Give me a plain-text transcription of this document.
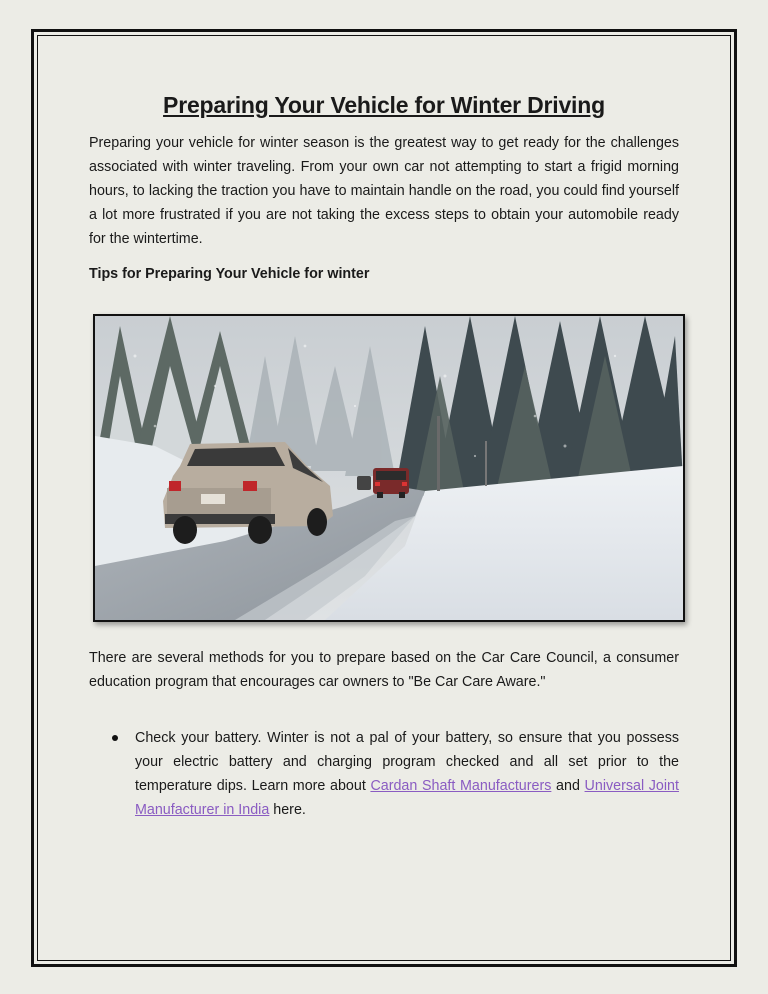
Preparing Your Vehicle for Winter Driving

Preparing your vehicle for winter season is the greatest way to get ready for the challenges associated with winter traveling. From your own car not attempting to start a frigid morning hours, to lacking the traction you have to maintain handle on the road, you could find yourself a lot more frustrated if you are not taking the excess steps to obtain your automobile ready for the wintertime.

Tips for Preparing Your Vehicle for winter

There are several methods for you to prepare based on the Car Care Council, a consumer education program that encourages car owners to "Be Car Care Aware."

Check your battery. Winter is not a pal of your battery, so ensure that you possess your electric battery and charging program checked and all set prior to the temperature dips. Learn more about Cardan Shaft Manufacturers and Universal Joint Manufacturer in India here.
